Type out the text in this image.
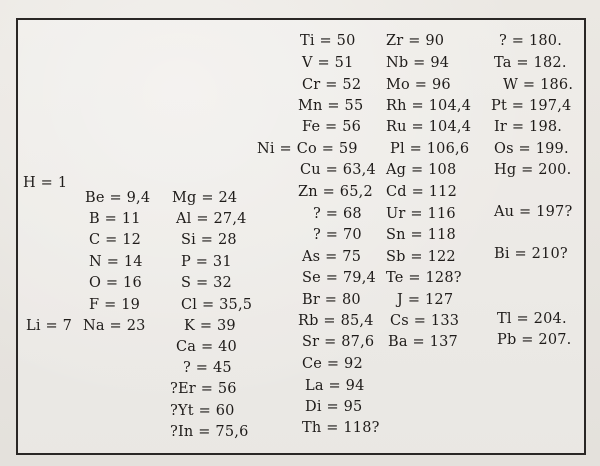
Ti = 50 Zr = 90	? = 180.
V = 51 Nb = 94	Ta = 182.
Cr = 52 Mo = 96	W = 186.
Mn = 55 Rh = 104,4 Pt = 197,4
Fe = 56 Ru = 104,4 Ir = 198.
Ni = Co = 59 Pl = 106,6 Os = 199.
Cu = 63,4 Ag = 108	Hg = 200.
H = 1
Be = 9,4 Mg = 24	Zn = 65,2 Cd = 112
B = 11 Al = 27,4	? = 68 Ur = 116	Au = 197?
C = 12	Si = 28	? = 70 Sn = 118
N = 14	P = 31	As = 75 Sb = 122	Bi = 210?
O = 16	S = 32	Se = 79,4 Te = 128?
F = 19	Cl = 35,5	Br = 80 J = 127
Li = 7 Na = 23	K = 39	Rb = 85,4 Cs = 133	Tl = 204.
Ca = 40	Sr = 87,6 Ba = 137	Pb = 207.
? = 45	Ce = 92
?Er = 56	La = 94
?Yt = 60	Di = 95
?In = 75,6	Th = 118?
